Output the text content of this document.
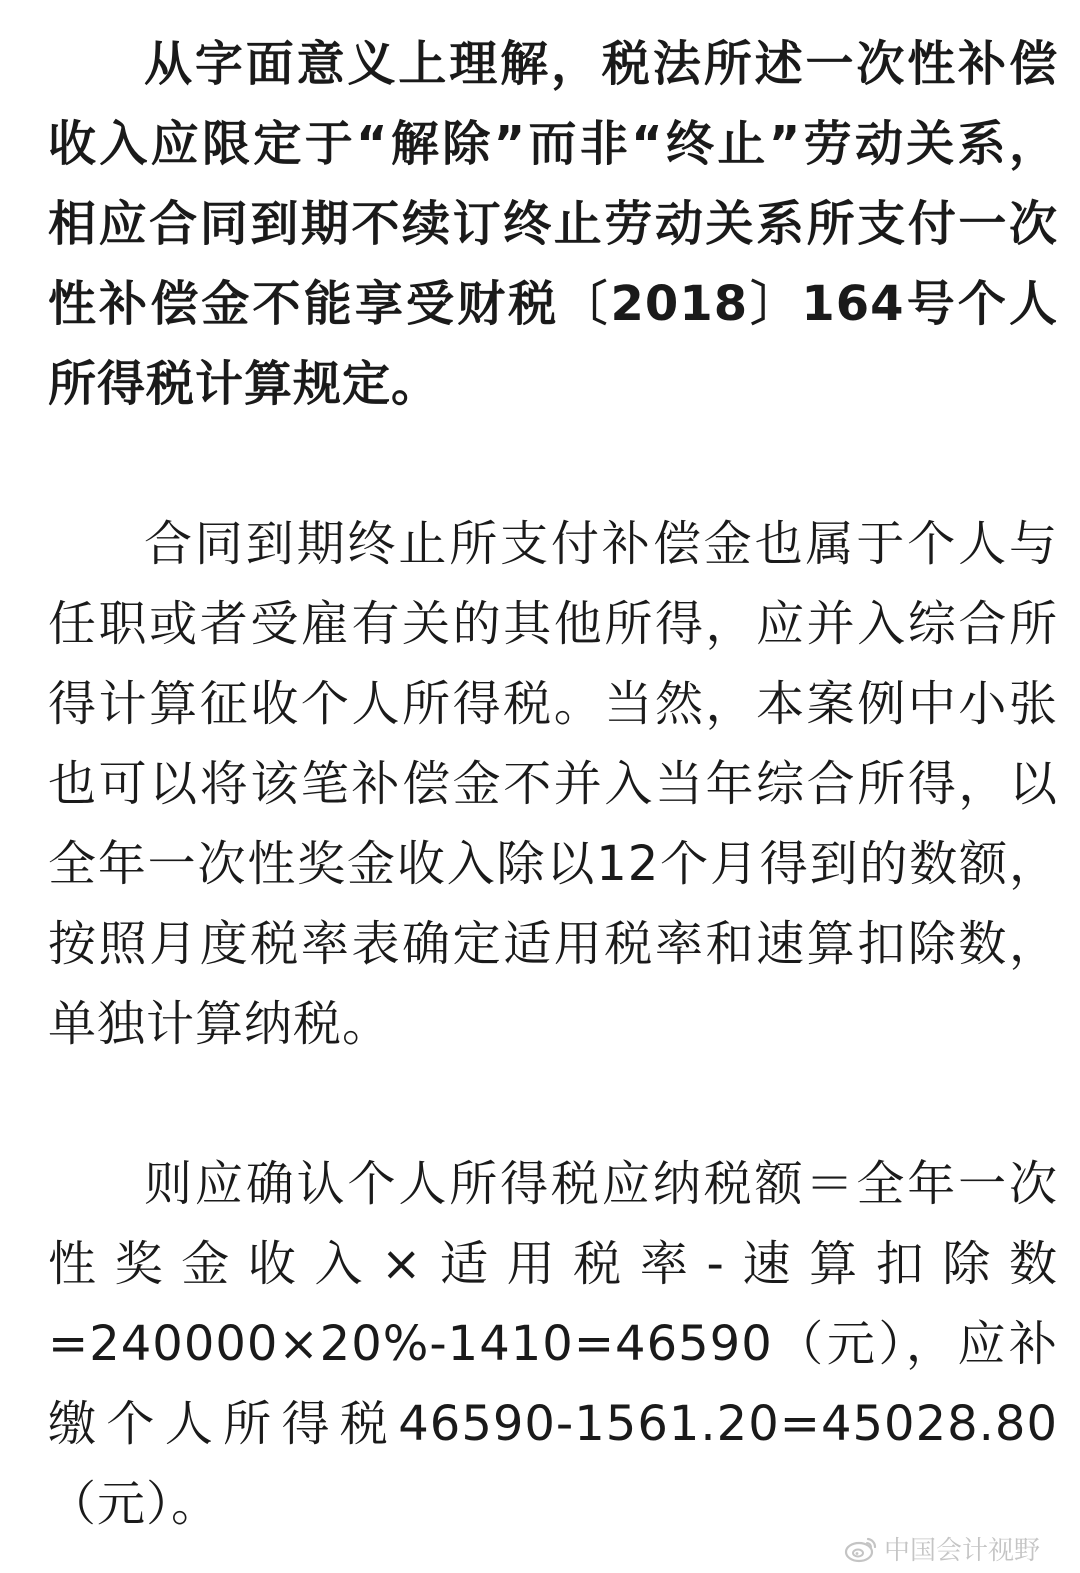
从字面意义上理解，税法所述一次性补偿收入应限定于“解除”而非“终止”劳动关系，相应合同到期不续订终止劳动关系所支付一次性补偿金不能享受财税〔2018〕164号个人所得税计算规定。

合同到期终止所支付补偿金也属于个人与任职或者受雇有关的其他所得，应并入综合所得计算征收个人所得税。当然，本案例中小张也可以将该笔补偿金不并入当年综合所得，以全年一次性奖金收入除以12个月得到的数额，按照月度税率表确定适用税率和速算扣除数，单独计算纳税。

则应确认个人所得税应纳税额＝全年一次性奖金收入×适用税率-速算扣除数=240000×20%-1410=46590（元），应补缴个人所得税46590-1561.20=45028.80（元）。

中国会计视野
